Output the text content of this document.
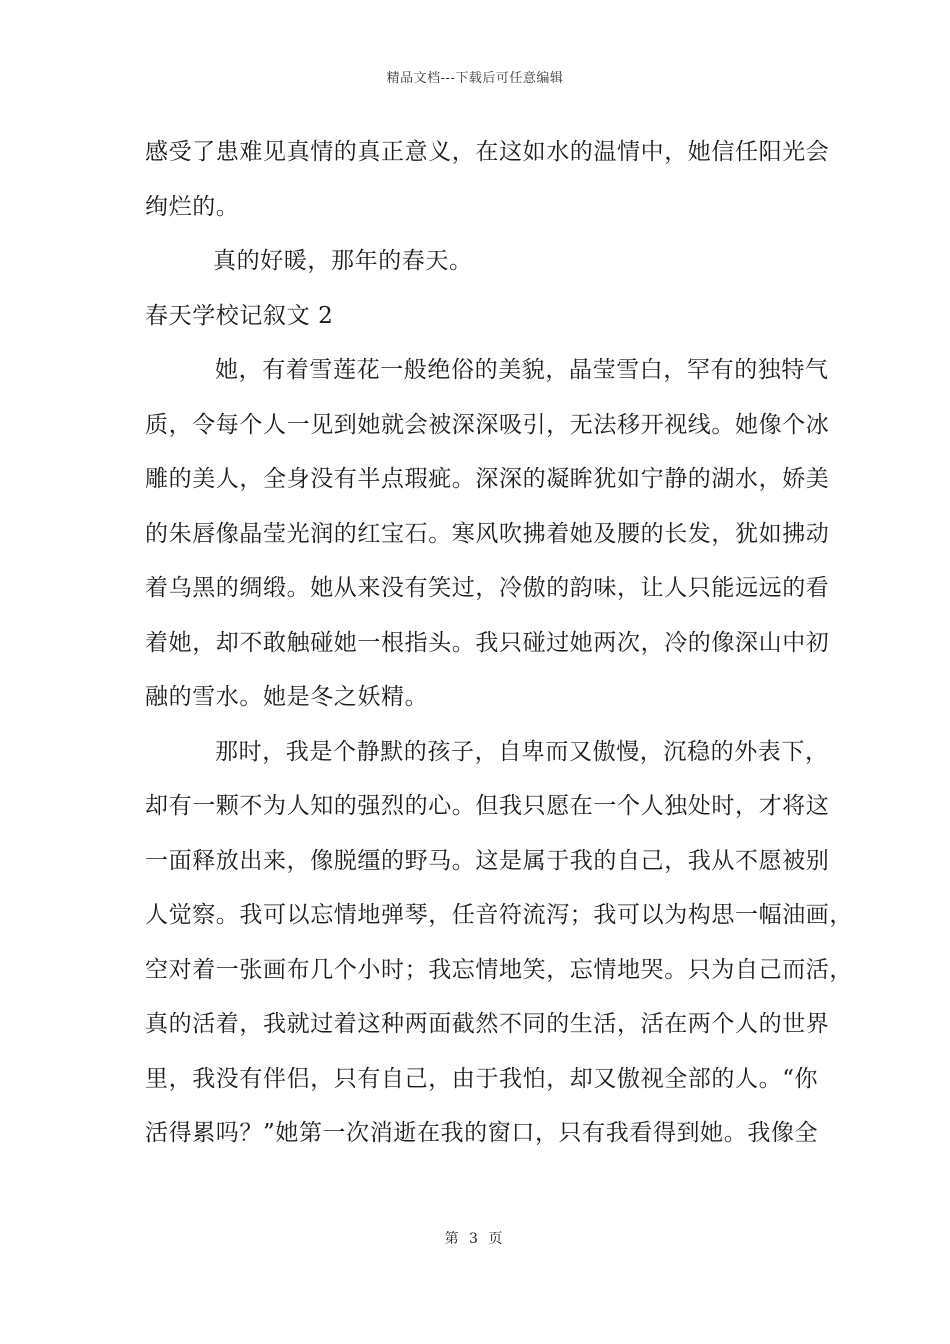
精品文档---下载后可任意编辑
感受了患难见真情的真正意义，在这如水的温情中，她信任阳光会
绚烂的。
真的好暖，那年的春天。
春天学校记叙文 2
她，有着雪莲花一般绝俗的美貌，晶莹雪白，罕有的独特气
质，令每个人一见到她就会被深深吸引，无法移开视线。她像个冰
雕的美人，全身没有半点瑕疵。深深的凝眸犹如宁静的湖水，娇美
的朱唇像晶莹光润的红宝石。寒风吹拂着她及腰的长发，犹如拂动
着乌黑的绸缎。她从来没有笑过，冷傲的韵味，让人只能远远的看
着她，却不敢触碰她一根指头。我只碰过她两次，冷的像深山中初
融的雪水。她是冬之妖精。
那时，我是个静默的孩子，自卑而又傲慢，沉稳的外表下，
却有一颗不为人知的强烈的心。但我只愿在一个人独处时，才将这
一面释放出来，像脱缰的野马。这是属于我的自己，我从不愿被别
人觉察。我可以忘情地弹琴，任音符流泻；我可以为构思一幅油画，
空对着一张画布几个小时；我忘情地笑，忘情地哭。只为自己而活，
真的活着，我就过着这种两面截然不同的生活，活在两个人的世界
里，我没有伴侣，只有自己，由于我怕，却又傲视全部的人。“你
活得累吗？”她第一次消逝在我的窗口，只有我看得到她。我像全
第 3 页
